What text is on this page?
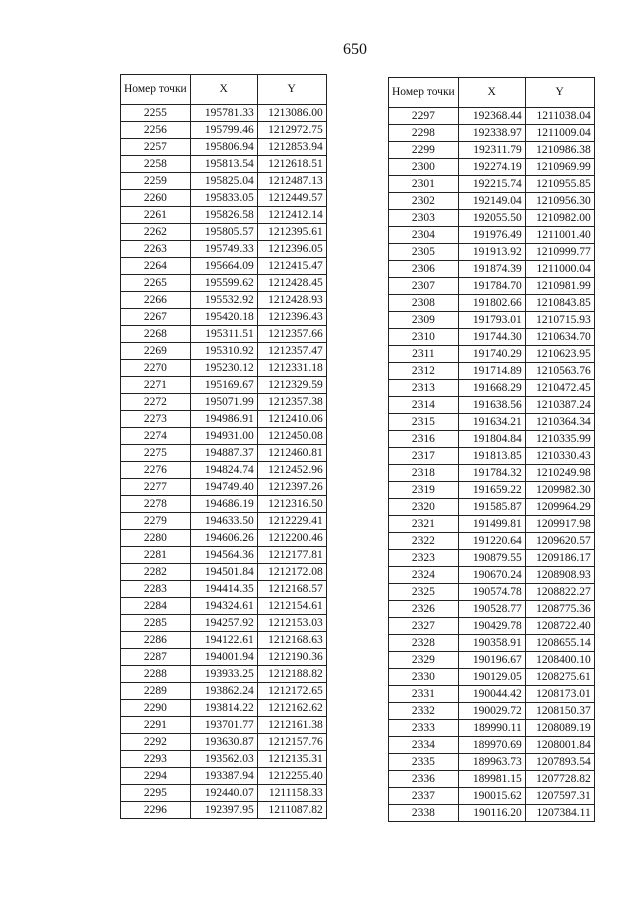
650
Номер точки	X	Y
2255	195781.33	1213086.00
2256	195799.46	1212972.75
2257	195806.94	1212853.94
2258	195813.54	1212618.51
2259	195825.04	1212487.13
2260	195833.05	1212449.57
2261	195826.58	1212412.14
2262	195805.57	1212395.61
2263	195749.33	1212396.05
2264	195664.09	1212415.47
2265	195599.62	1212428.45
2266	195532.92	1212428.93
2267	195420.18	1212396.43
2268	195311.51	1212357.66
2269	195310.92	1212357.47
2270	195230.12	1212331.18
2271	195169.67	1212329.59
2272	195071.99	1212357.38
2273	194986.91	1212410.06
2274	194931.00	1212450.08
2275	194887.37	1212460.81
2276	194824.74	1212452.96
2277	194749.40	1212397.26
2278	194686.19	1212316.50
2279	194633.50	1212229.41
2280	194606.26	1212200.46
2281	194564.36	1212177.81
2282	194501.84	1212172.08
2283	194414.35	1212168.57
2284	194324.61	1212154.61
2285	194257.92	1212153.03
2286	194122.61	1212168.63
2287	194001.94	1212190.36
2288	193933.25	1212188.82
2289	193862.24	1212172.65
2290	193814.22	1212162.62
2291	193701.77	1212161.38
2292	193630.87	1212157.76
2293	193562.03	1212135.31
2294	193387.94	1212255.40
2295	192440.07	1211158.33
2296	192397.95	1211087.82
Номер точки	X	Y
2297	192368.44	1211038.04
2298	192338.97	1211009.04
2299	192311.79	1210986.38
2300	192274.19	1210969.99
2301	192215.74	1210955.85
2302	192149.04	1210956.30
2303	192055.50	1210982.00
2304	191976.49	1211001.40
2305	191913.92	1210999.77
2306	191874.39	1211000.04
2307	191784.70	1210981.99
2308	191802.66	1210843.85
2309	191793.01	1210715.93
2310	191744.30	1210634.70
2311	191740.29	1210623.95
2312	191714.89	1210563.76
2313	191668.29	1210472.45
2314	191638.56	1210387.24
2315	191634.21	1210364.34
2316	191804.84	1210335.99
2317	191813.85	1210330.43
2318	191784.32	1210249.98
2319	191659.22	1209982.30
2320	191585.87	1209964.29
2321	191499.81	1209917.98
2322	191220.64	1209620.57
2323	190879.55	1209186.17
2324	190670.24	1208908.93
2325	190574.78	1208822.27
2326	190528.77	1208775.36
2327	190429.78	1208722.40
2328	190358.91	1208655.14
2329	190196.67	1208400.10
2330	190129.05	1208275.61
2331	190044.42	1208173.01
2332	190029.72	1208150.37
2333	189990.11	1208089.19
2334	189970.69	1208001.84
2335	189963.73	1207893.54
2336	189981.15	1207728.82
2337	190015.62	1207597.31
2338	190116.20	1207384.11
